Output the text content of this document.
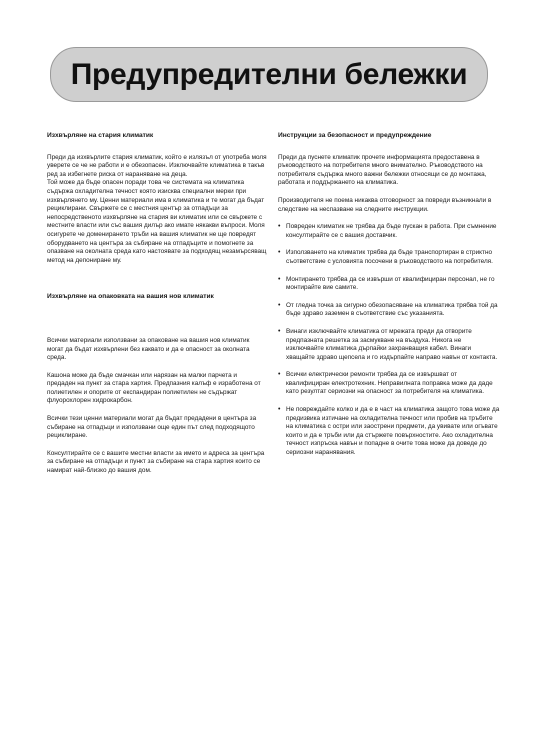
Предупредителни бележки

Изхвърляне на стария климатик

Преди да изхвърлите стария климатик, който е излязъл от употреба моля уверете се че не работи и е обезопасен. Изключвайте климатика в такъв ред за избегнете риска от нараняване на деца.

Той може да бъде опасен поради това че системата на климатика съдържа охладителна течност която изисква специални мерки при изхвърлянето му. Ценни материали има в климатика и те могат да бъдат рециклирани. Свържете се с местния център за отпадъци за непосредственото изхвърляне на стария ви климатик или се свържете с местните власти или със вашия дилър ако имате някакви въпроси. Моля осигурете че доменирането тръби на вашия климатик не ще повредят оборудването на центъра за събиране на отпадъците и помогнете за опазване на околната среда като настоявате за подходящ незамърсяващ метод на депониране му.

Изхвърляне на опаковката на вашия нов климатик

Всички материали използвани за опаковане на вашия нов климатик могат да бъдат изхвърлени без каквато и да е опасност за околната среда.

Кашона може да бъде смачкан или нарязан на малки парчета и предаден на пункт за стара хартия. Предпазния калъф е изработена от полиетилен и опорите от експандиран полиетилен не съдържат флуорохлорен хидрокарбон.

Всички тези ценни материали могат да бъдат предадени в центъра за събиране на отпадъци и използвани още един път след подходящото рециклиране.

Консултирайте се с вашите местни власти за името и адреса за центъра за събиране на отпадъци и пункт за събиране на стара хартия които се намират най-близко до вашия дом.

Инструкции за безопасност и предупреждение

Преди да пуснете климатик прочете информацията предоставена в ръководството на потребителя много внимателно. Ръководството на потребителя съдържа много важни бележки относящи се до монтажа, работата и поддържането на климатика.

Производителя не поема никаква отговорност за повреди възникнали в следствие на неспазване на следните инструкции.

• Повреден климатик не трябва да бъде пускан в работа. При съмнение консултирайте се с вашия доставчик.
• Използването на климатик трябва да бъде транспортиран в стриктно съответствие с условията посочени в ръководството на потребителя.
• Монтирането трябва да се извърши от квалифициран персонал, не го монтирайте вие самите.
• От гледна точка за сигурно обезопасяване на климатика трябва той да бъде здраво заземен в съответствие със указанията.
• Винаги изключвайте климатика от мрежата преди да отворите предпазната решетка за засмукване на въздуха. Никога не изключвайте климатика дърпайки захранващия кабел. Винаги хващайте здраво щепсела и го издърпайте направо навън от контакта.
• Всички електрически ремонти трябва да се извършват от квалифициран електротехник. Неправилната поправка може да даде като резултат сериозни на опасност за потребителя на климатика.
• Не повреждайте колко и да е в част на климатика защото това може да предизвика изтичане на охладителна течност или пробив на тръбите на климатика с остри или заострени предмети, да увивате или огъвате които и да е тръби или да стържете повърхностите. Ако охладителна течност изпръска навън и попадне в очите това може да доведе до сериозни наранявания.
